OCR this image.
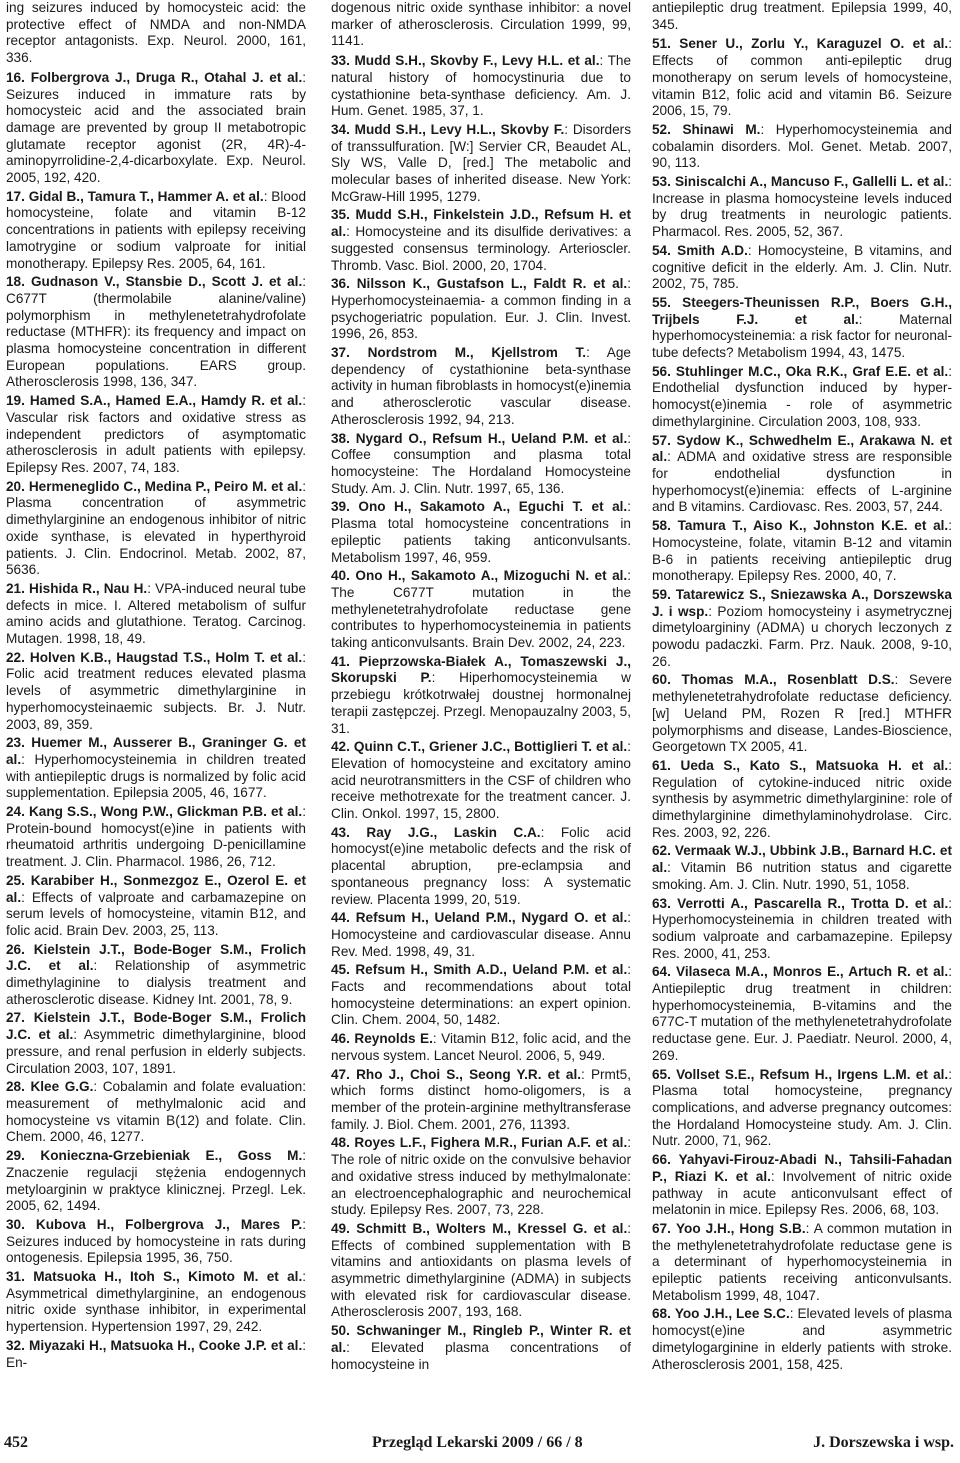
ing seizures induced by homocysteic acid: the protective effect of NMDA and non-NMDA receptor antagonists. Exp. Neurol. 2000, 161, 336.
16. Folbergrova J., Druga R., Otahal J. et al.: Seizures induced in immature rats by homocysteic acid and the associated brain damage are prevented by group II metabotropic glutamate receptor agonist (2R, 4R)-4-aminopyrrolidine-2,4-dicarboxylate. Exp. Neurol. 2005, 192, 420.
17. Gidal B., Tamura T., Hammer A. et al.: Blood homocysteine, folate and vitamin B-12 concentrations in patients with epilepsy receiving lamotrygine or sodium valproate for initial monotherapy. Epilepsy Res. 2005, 64, 161.
18. Gudnason V., Stansbie D., Scott J. et al.: C677T (thermolabile alanine/valine) polymorphism in methylenetetrahydrofolate reductase (MTHFR): its frequency and impact on plasma homocysteine concentration in different European populations. EARS group. Atherosclerosis 1998, 136, 347.
19. Hamed S.A., Hamed E.A., Hamdy R. et al.: Vascular risk factors and oxidative stress as independent predictors of asymptomatic atherosclerosis in adult patients with epilepsy. Epilepsy Res. 2007, 74, 183.
20. Hermeneglido C., Medina P., Peiro M. et al.: Plasma concentration of asymmetric dimethylarginine an endogenous inhibitor of nitric oxide synthase, is elevated in hyperthyroid patients. J. Clin. Endocrinol. Metab. 2002, 87, 5636.
21. Hishida R., Nau H.: VPA-induced neural tube defects in mice. I. Altered metabolism of sulfur amino acids and glutathione. Teratog. Carcinog. Mutagen. 1998, 18, 49.
22. Holven K.B., Haugstad T.S., Holm T. et al.: Folic acid treatment reduces elevated plasma levels of asymmetric dimethylarginine in hyperhomocysteinaemic subjects. Br. J. Nutr. 2003, 89, 359.
23. Huemer M., Ausserer B., Graninger G. et al.: Hyperhomocysteinemia in children treated with antiepileptic drugs is normalized by folic acid supplementation. Epilepsia 2005, 46, 1677.
24. Kang S.S., Wong P.W., Glickman P.B. et al.: Protein-bound homocyst(e)ine in patients with rheumatoid arthritis undergoing D-penicillamine treatment. J. Clin. Pharmacol. 1986, 26, 712.
25. Karabiber H., Sonmezgoz E., Ozerol E. et al.: Effects of valproate and carbamazepine on serum levels of homocysteine, vitamin B12, and folic acid. Brain Dev. 2003, 25, 113.
26. Kielstein J.T., Bode-Boger S.M., Frolich J.C. et al.: Relationship of asymmetric dimethylaginine to dialysis treatment and atherosclerotic disease. Kidney Int. 2001, 78, 9.
27. Kielstein J.T., Bode-Boger S.M., Frolich J.C. et al.: Asymmetric dimethylarginine, blood pressure, and renal perfusion in elderly subjects. Circulation 2003, 107, 1891.
28. Klee G.G.: Cobalamin and folate evaluation: measurement of methylmalonic acid and homocysteine vs vitamin B(12) and folate. Clin. Chem. 2000, 46, 1277.
29. Konieczna-Grzebieniak E., Goss M.: Znaczenie regulacji stężenia endogennych metyloarginin w praktyce klinicznej. Przegl. Lek. 2005, 62, 1494.
30. Kubova H., Folbergrova J., Mares P.: Seizures induced by homocysteine in rats during ontogenesis. Epilepsia 1995, 36, 750.
31. Matsuoka H., Itoh S., Kimoto M. et al.: Asymmetrical dimethylarginine, an endogenous nitric oxide synthase inhibitor, in experimental hypertension. Hypertension 1997, 29, 242.
32. Miyazaki H., Matsuoka H., Cooke J.P. et al.: En-
dogenous nitric oxide synthase inhibitor: a novel marker of atherosclerosis. Circulation 1999, 99, 1141.
33. Mudd S.H., Skovby F., Levy H.L. et al.: The natural history of homocystinuria due to cystathionine beta-synthase deficiency. Am. J. Hum. Genet. 1985, 37, 1.
34. Mudd S.H., Levy H.L., Skovby F.: Disorders of transsulfuration. [W:] Servier CR, Beaudet AL, Sly WS, Valle D, [red.] The metabolic and molecular bases of inherited disease. New York: McGraw-Hill 1995, 1279.
35. Mudd S.H., Finkelstein J.D., Refsum H. et al.: Homocysteine and its disulfide derivatives: a suggested consensus terminology. Arterioscler. Thromb. Vasc. Biol. 2000, 20, 1704.
36. Nilsson K., Gustafson L., Faldt R. et al.: Hyperhomocysteinaemia- a common finding in a psychogeriatric population. Eur. J. Clin. Invest. 1996, 26, 853.
37. Nordstrom M., Kjellstrom T.: Age dependency of cystathionine beta-synthase activity in human fibroblasts in homocyst(e)inemia and atherosclerotic vascular disease. Atherosclerosis 1992, 94, 213.
38. Nygard O., Refsum H., Ueland P.M. et al.: Coffee consumption and plasma total homocysteine: The Hordaland Homocysteine Study. Am. J. Clin. Nutr. 1997, 65, 136.
39. Ono H., Sakamoto A., Eguchi T. et al.: Plasma total homocysteine concentrations in epileptic patients taking anticonvulsants. Metabolism 1997, 46, 959.
40. Ono H., Sakamoto A., Mizoguchi N. et al.: The C677T mutation in the methylenetetrahydrofolate reductase gene contributes to hyperhomocysteinemia in patients taking anticonvulsants. Brain Dev. 2002, 24, 223.
41. Pieprzowska-Białek A., Tomaszewski J., Skorupski P.: Hiperhomocysteinemia w przebiegu krótkotrwałej doustnej hormonalnej terapii zastępczej. Przegl. Menopauzalny 2003, 5, 31.
42. Quinn C.T., Griener J.C., Bottiglieri T. et al.: Elevation of homocysteine and excitatory amino acid neurotransmitters in the CSF of children who receive methotrexate for the treatment cancer. J. Clin. Onkol. 1997, 15, 2800.
43. Ray J.G., Laskin C.A.: Folic acid homocyst(e)ine metabolic defects and the risk of placental abruption, pre-eclampsia and spontaneous pregnancy loss: A systematic review. Placenta 1999, 20, 519.
44. Refsum H., Ueland P.M., Nygard O. et al.: Homocysteine and cardiovascular disease. Annu Rev. Med. 1998, 49, 31.
45. Refsum H., Smith A.D., Ueland P.M. et al.: Facts and recommendations about total homocysteine determinations: an expert opinion. Clin. Chem. 2004, 50, 1482.
46. Reynolds E.: Vitamin B12, folic acid, and the nervous system. Lancet Neurol. 2006, 5, 949.
47. Rho J., Choi S., Seong Y.R. et al.: Prmt5, which forms distinct homo-oligomers, is a member of the protein-arginine methyltransferase family. J. Biol. Chem. 2001, 276, 11393.
48. Royes L.F., Fighera M.R., Furian A.F. et al.: The role of nitric oxide on the convulsive behavior and oxidative stress induced by methylmalonate: an electroencephalographic and neurochemical study. Epilepsy Res. 2007, 73, 228.
49. Schmitt B., Wolters M., Kressel G. et al.: Effects of combined supplementation with B vitamins and antioxidants on plasma levels of asymmetric dimethylarginine (ADMA) in subjects with elevated risk for cardiovascular disease. Atherosclerosis 2007, 193, 168.
50. Schwaninger M., Ringleb P., Winter R. et al.: Elevated plasma concentrations of homocysteine in
antiepileptic drug treatment. Epilepsia 1999, 40, 345.
51. Sener U., Zorlu Y., Karaguzel O. et al.: Effects of common anti-epileptic drug monotherapy on serum levels of homocysteine, vitamin B12, folic acid and vitamin B6. Seizure 2006, 15, 79.
52. Shinawi M.: Hyperhomocysteinemia and cobalamin disorders. Mol. Genet. Metab. 2007, 90, 113.
53. Siniscalchi A., Mancuso F., Gallelli L. et al.: Increase in plasma homocysteine levels induced by drug treatments in neurologic patients. Pharmacol. Res. 2005, 52, 367.
54. Smith A.D.: Homocysteine, B vitamins, and cognitive deficit in the elderly. Am. J. Clin. Nutr. 2002, 75, 785.
55. Steegers-Theunissen R.P., Boers G.H., Trijbels F.J. et al.: Maternal hyperhomocysteinemia: a risk factor for neuronal-tube defects? Metabolism 1994, 43, 1475.
56. Stuhlinger M.C., Oka R.K., Graf E.E. et al.: Endothelial dysfunction induced by hyper-homocyst(e)inemia - role of asymmetric dimethylarginine. Circulation 2003, 108, 933.
57. Sydow K., Schwedhelm E., Arakawa N. et al.: ADMA and oxidative stress are responsible for endothelial dysfunction in hyperhomocyst(e)inemia: effects of L-arginine and B vitamins. Cardiovasc. Res. 2003, 57, 244.
58. Tamura T., Aiso K., Johnston K.E. et al.: Homocysteine, folate, vitamin B-12 and vitamin B-6 in patients receiving antiepileptic drug monotherapy. Epilepsy Res. 2000, 40, 7.
59. Tatarewicz S., Sniezawska A., Dorszewska J. i wsp.: Poziom homocysteiny i asymetrycznej dimetyloargininy (ADMA) u chorych leczonych z powodu padaczki. Farm. Prz. Nauk. 2008, 9-10, 26.
60. Thomas M.A., Rosenblatt D.S.: Severe methylenetetrahydrofolate reductase deficiency. [w] Ueland PM, Rozen R [red.] MTHFR polymorphisms and disease, Landes-Bioscience, Georgetown TX 2005, 41.
61. Ueda S., Kato S., Matsuoka H. et al.: Regulation of cytokine-induced nitric oxide synthesis by asymmetric dimethylarginine: role of dimethylarginine dimethylaminohydrolase. Circ. Res. 2003, 92, 226.
62. Vermaak W.J., Ubbink J.B., Barnard H.C. et al.: Vitamin B6 nutrition status and cigarette smoking. Am. J. Clin. Nutr. 1990, 51, 1058.
63. Verrotti A., Pascarella R., Trotta D. et al.: Hyperhomocysteinemia in children treated with sodium valproate and carbamazepine. Epilepsy Res. 2000, 41, 253.
64. Vilaseca M.A., Monros E., Artuch R. et al.: Antiepileptic drug treatment in children: hyperhomocysteinemia, B-vitamins and the 677C-T mutation of the methylenetetrahydrofolate reductase gene. Eur. J. Paediatr. Neurol. 2000, 4, 269.
65. Vollset S.E., Refsum H., Irgens L.M. et al.: Plasma total homocysteine, pregnancy complications, and adverse pregnancy outcomes: the Hordaland Homocysteine study. Am. J. Clin. Nutr. 2000, 71, 962.
66. Yahyavi-Firouz-Abadi N., Tahsili-Fahadan P., Riazi K. et al.: Involvement of nitric oxide pathway in acute anticonvulsant effect of melatonin in mice. Epilepsy Res. 2006, 68, 103.
67. Yoo J.H., Hong S.B.: A common mutation in the methylenetetrahydrofolate reductase gene is a determinant of hyperhomocysteinemia in epileptic patients receiving anticonvulsants. Metabolism 1999, 48, 1047.
68. Yoo J.H., Lee S.C.: Elevated levels of plasma homocyst(e)ine and asymmetric dimetylogarginine in elderly patients with stroke. Atherosclerosis 2001, 158, 425.
452	Przegląd Lekarski 2009 / 66 / 8	J. Dorszewska i wsp.
